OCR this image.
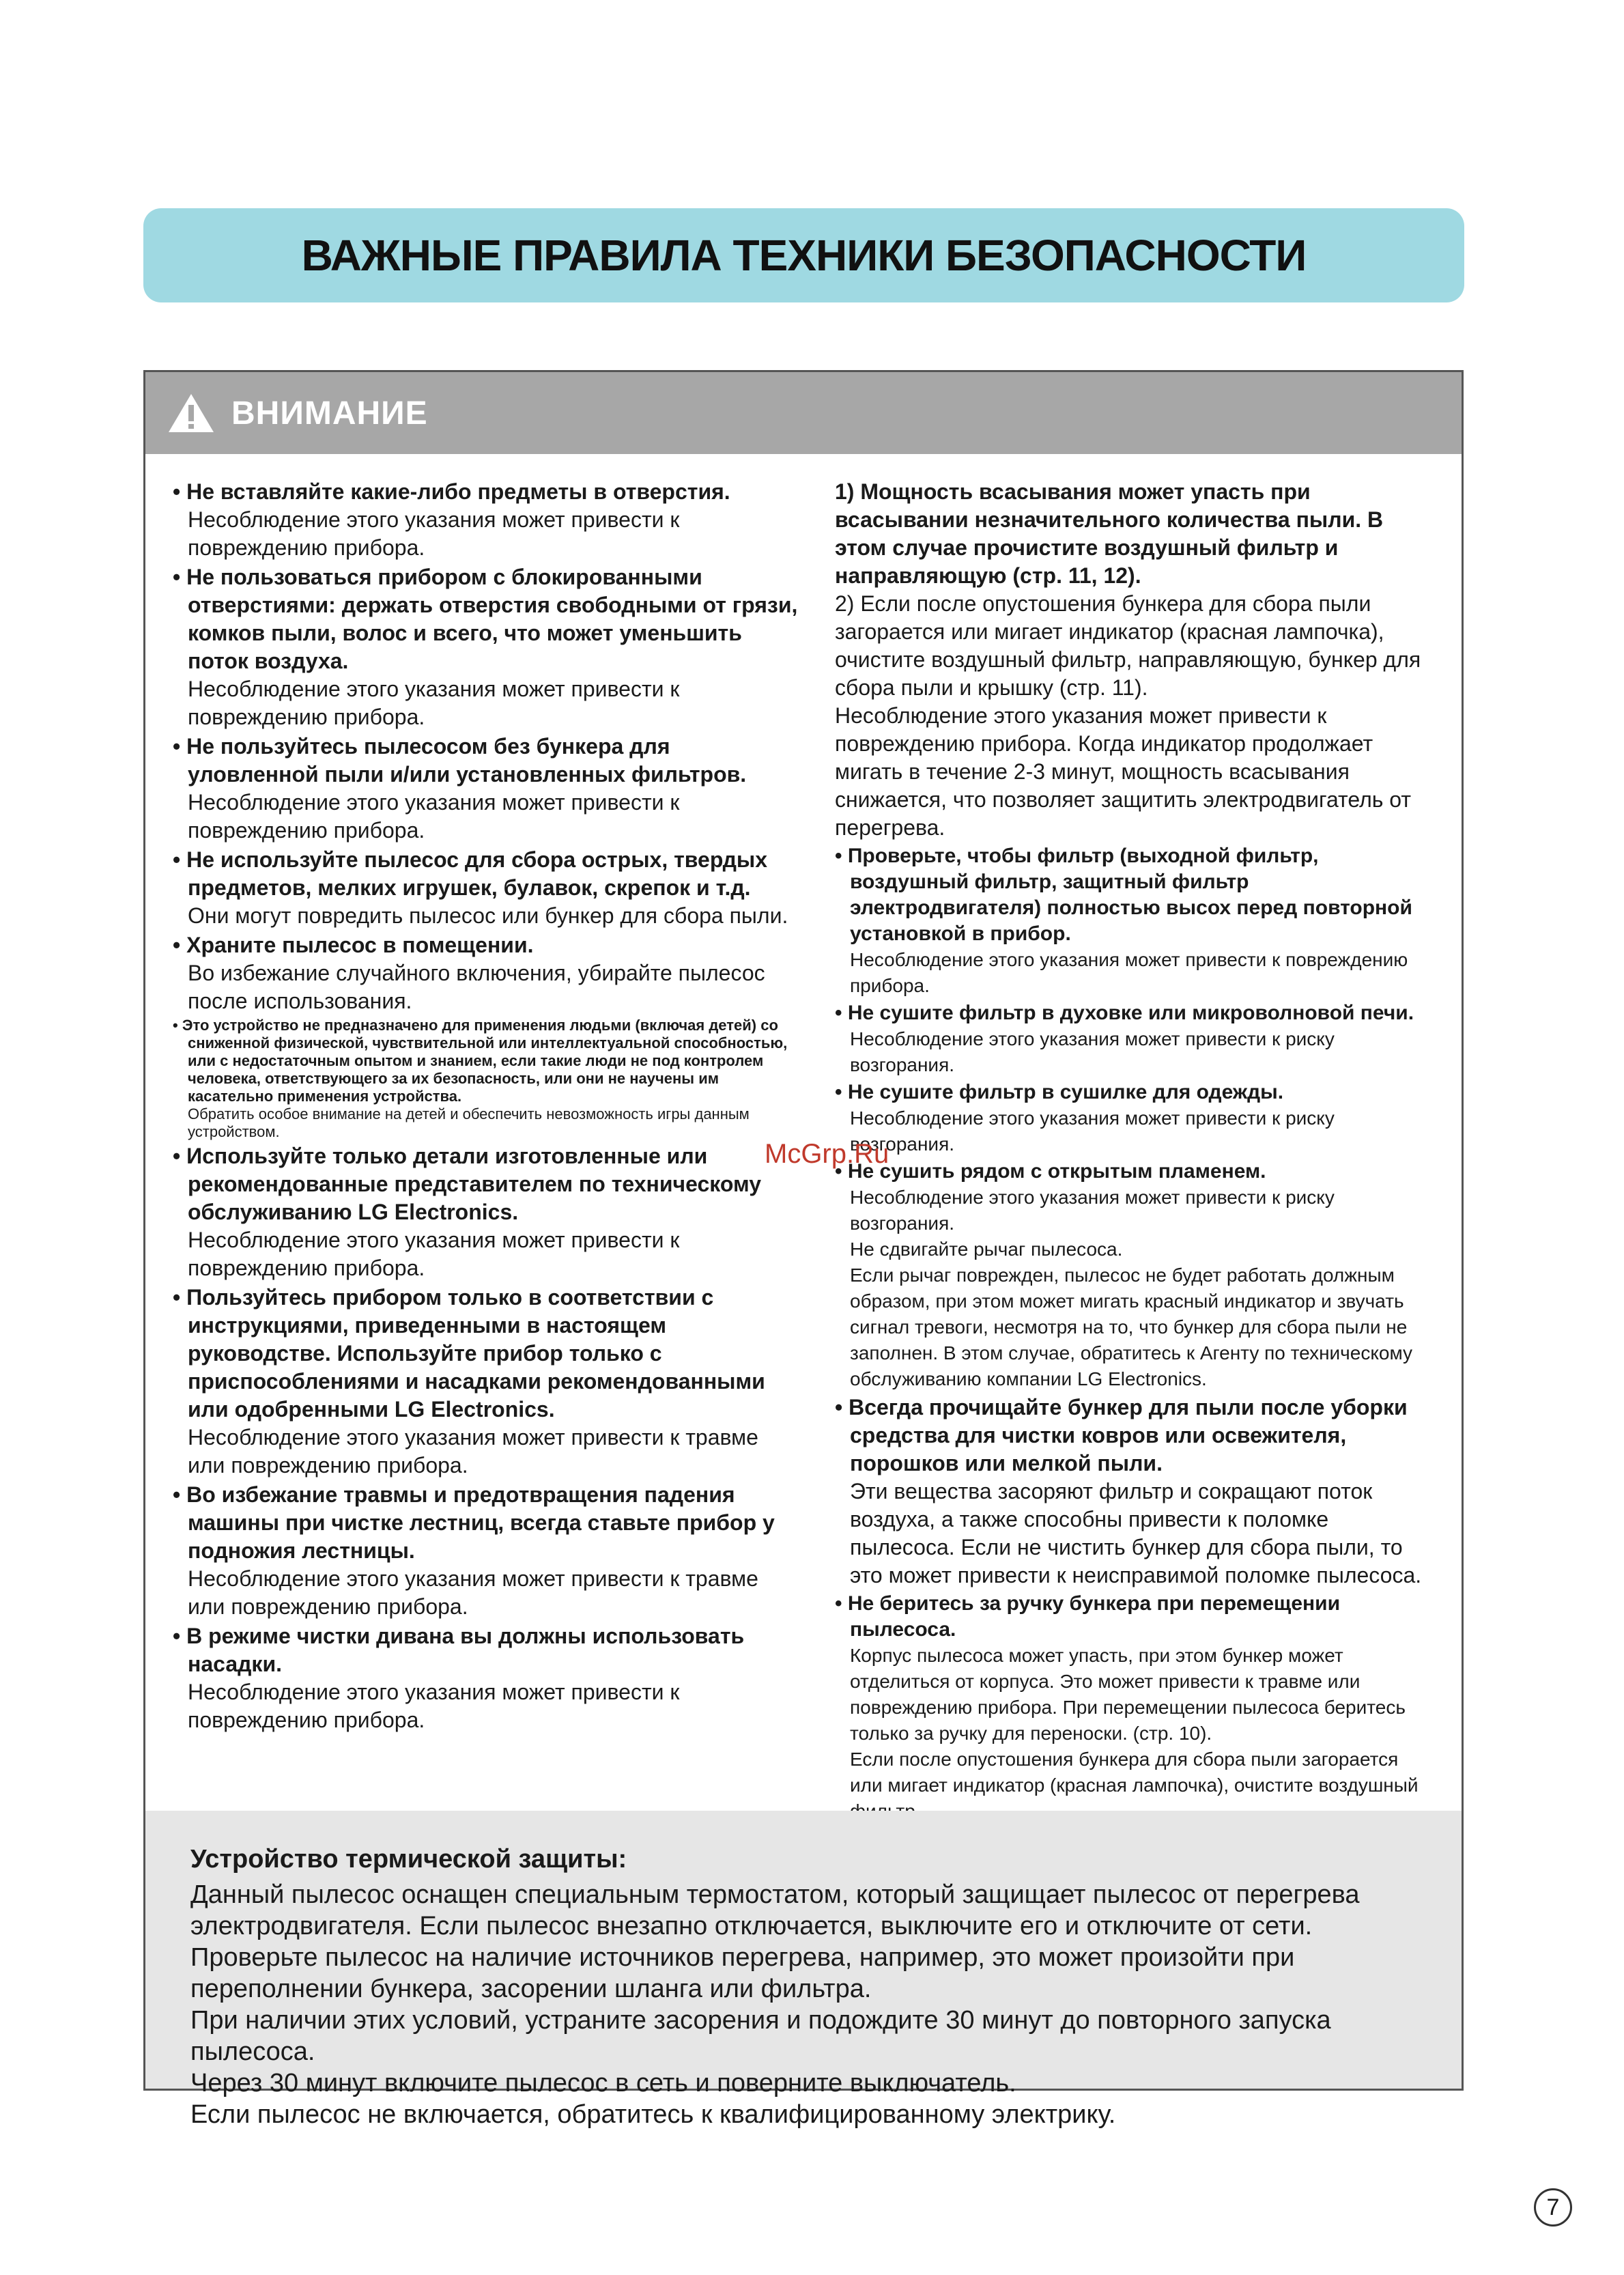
ВАЖНЫЕ ПРАВИЛА ТЕХНИКИ БЕЗОПАСНОСТИ
ВНИМАНИЕ
• Не вставляйте какие-либо предметы в отверстия.
Несоблюдение этого указания может привести к повреждению прибора.
• Не пользоваться прибором с блокированными отверстиями: держать отверстия свободными от грязи, комков пыли, волос и всего, что может уменьшить поток воздуха.
Несоблюдение этого указания может привести к повреждению прибора.
• Не пользуйтесь пылесосом без бункера для уловленной пыли и/или установленных фильтров.
Несоблюдение этого указания может привести к повреждению прибора.
• Не используйте пылесос для сбора острых, твердых предметов, мелких игрушек, булавок, скрепок и т.д.
Они могут повредить пылесос или бункер для сбора пыли.
• Храните пылесос в помещении.
Во избежание случайного включения, убирайте пылесос после использования.
• Это устройство не предназначено для применения людьми (включая детей) со сниженной физической, чувствительной или интеллектуальной способностью, или с недостаточным опытом и знанием, если такие люди не под контролем человека, ответствующего за их безопасность, или они не научены им касательно применения устройства.
Обратить особое внимание на детей и обеспечить невозможность игры данным устройством.
• Используйте только детали изготовленные или рекомендованные представителем по техническому обслуживанию LG Electronics.
Несоблюдение этого указания может привести к повреждению прибора.
• Пользуйтесь прибором только в соответствии с инструкциями, приведенными в настоящем руководстве. Используйте прибор только с приспособлениями и насадками рекомендованными или одобренными LG Electronics.
Несоблюдение этого указания может привести к травме или повреждению прибора.
• Во избежание травмы и предотвращения падения машины при чистке лестниц, всегда ставьте прибор у подножия лестницы.
Несоблюдение этого указания может привести к травме или повреждению прибора.
• В режиме чистки дивана вы должны использовать насадки.
Несоблюдение этого указания может привести к повреждению прибора.
1) Мощность всасывания может упасть при всасывании незначительного количества пыли. В этом случае прочистите воздушный фильтр и направляющую (стр. 11, 12).
2) Если после опустошения бункера для сбора пыли загорается или мигает индикатор (красная лампочка), очистите воздушный фильтр, направляющую, бункер для сбора пыли и крышку (стр. 11).
Несоблюдение этого указания может привести к повреждению прибора. Когда индикатор продолжает мигать в течение 2-3 минут, мощность всасывания снижается, что позволяет защитить электродвигатель от перегрева.
• Проверьте, чтобы фильтр (выходной фильтр, воздушный фильтр, защитный фильтр электродвигателя) полностью высох перед повторной установкой в прибор.
Несоблюдение этого указания может привести к повреждению прибора.
• Не сушите фильтр в духовке или микроволновой печи.
Несоблюдение этого указания может привести к риску возгорания.
• Не сушите фильтр в сушилке для одежды.
Несоблюдение этого указания может привести к риску возгорания.
• Не сушить рядом с открытым пламенем.
Несоблюдение этого указания может привести к риску возгорания.
Не сдвигайте рычаг пылесоса.
Если рычаг поврежден, пылесос не будет работать должным образом, при этом может мигать красный индикатор и звучать сигнал тревоги, несмотря на то, что бункер для сбора пыли не заполнен. В этом случае, обратитесь к Агенту по техническому обслуживанию компании LG Electronics.
• Всегда прочищайте бункер для пыли после уборки средства для чистки ковров или освежителя, порошков или мелкой пыли.
Эти вещества засоряют фильтр и сокращают поток воздуха, а также способны привести к поломке пылесоса. Если не чистить бункер для сбора пыли, то это может привести к неисправимой поломке пылесоса.
• Не беритесь за ручку бункера при перемещении пылесоса.
Корпус пылесоса может упасть, при этом бункер может отделиться от корпуса. Это может привести к травме или повреждению прибора. При перемещении пылесоса беритесь только за ручку для переноски. (стр. 10).
Если после опустошения бункера для сбора пыли загорается или мигает индикатор (красная лампочка), очистите воздушный

Устройство термической защиты:
Данный пылесос оснащен специальным термостатом, который защищает пылесос от перегрева электродвигателя. Если пылесос внезапно отключается, выключите его и отключите от сети.
Проверьте пылесос на наличие источников перегрева, например, это может произойти при переполнении бункера, засорении шланга или фильтра.
При наличии этих условий, устраните засорения и подождите 30 минут до повторного запуска пылесоса.
Через 30 минут включите пылесос в сеть и поверните выключатель.
Если пылесос не включается, обратитесь к квалифицированному электрику.
McGrp.Ru
7
